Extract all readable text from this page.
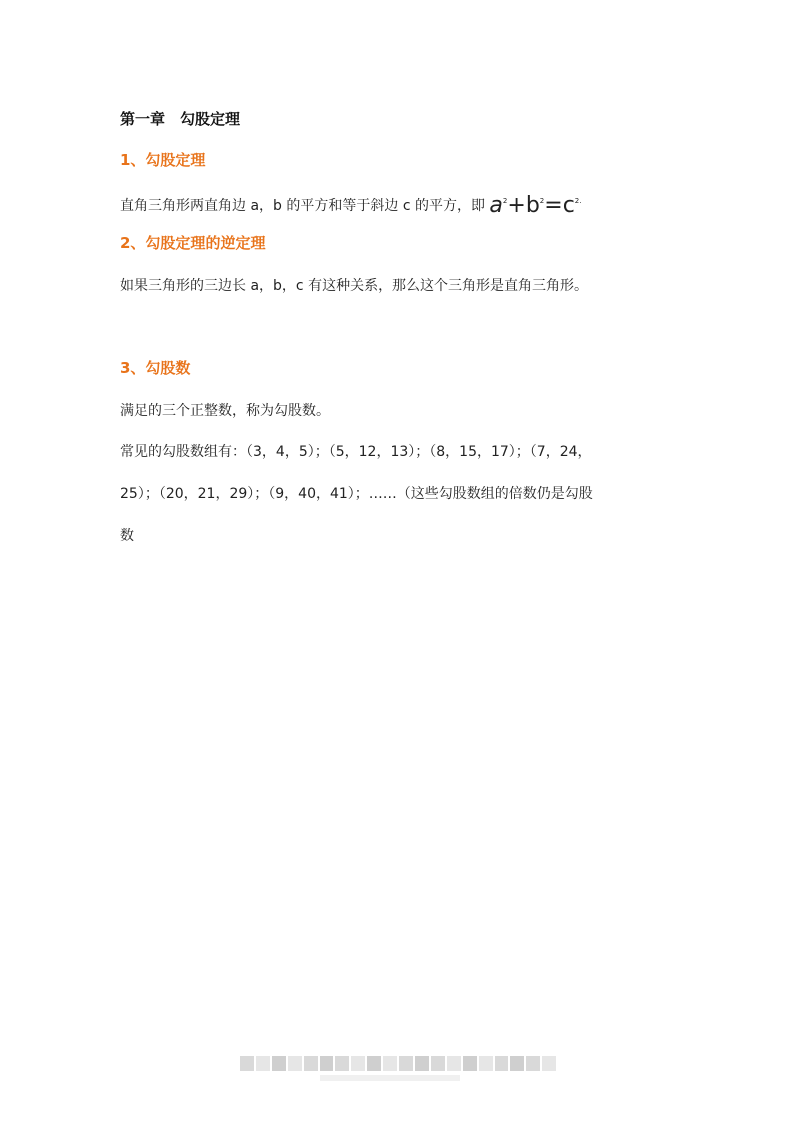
第一章　勾股定理
1、勾股定理
直角三角形两直角边 a，b 的平方和等于斜边 c 的平方，即 $a^2+b^2=c^{2.}$
2、勾股定理的逆定理
如果三角形的三边长 a，b，c 有这种关系，那么这个三角形是直角三角形。
3、勾股数
满足的三个正整数，称为勾股数。
常见的勾股数组有：（3，4，5）；（5，12，13）；（8，15，17）；（7，24，
25）；（20，21，29）；（9，40，41）；……（这些勾股数组的倍数仍是勾股
数
